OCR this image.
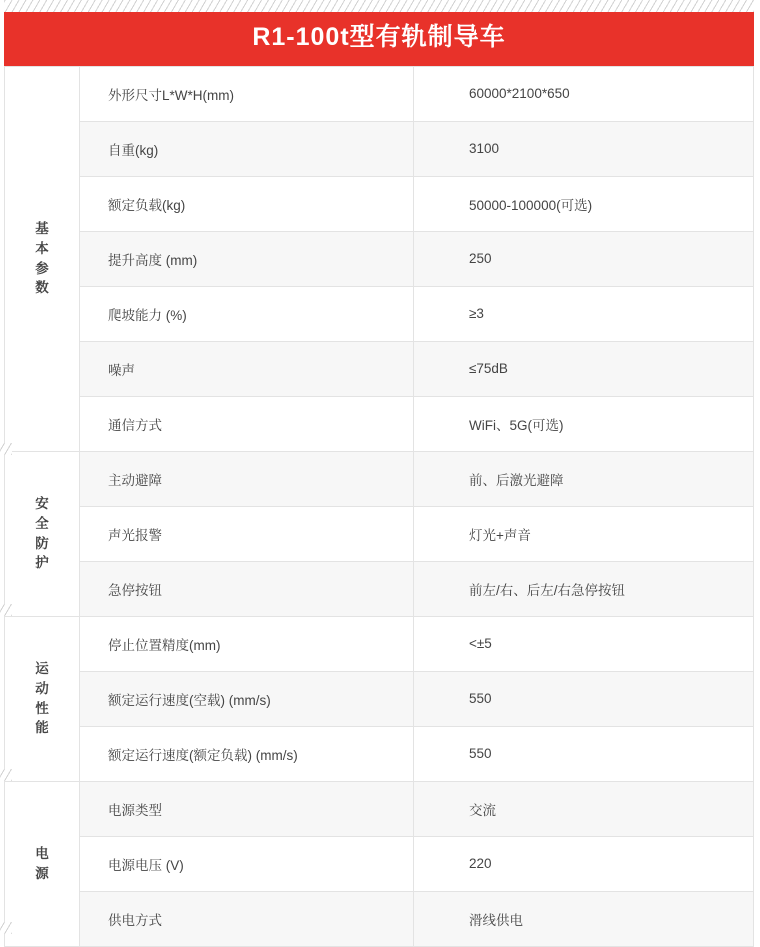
R1-100t型有轨制导车
基本参数	外形尺寸L*W*H(mm)	60000*2100*650
	自重(kg)	3100
	额定负载(kg)	50000-100000(可选)
	提升高度 (mm)	250
	爬坡能力 (%)	≥3
	噪声	≤75dB
	通信方式	WiFi、5G(可选)

安全防护	主动避障	前、后激光避障
	声光报警	灯光+声音
	急停按钮	前左/右、后左/右急停按钮

运动性能	停止位置精度(mm)	<±5
	额定运行速度(空载) (mm/s)	550
	额定运行速度(额定负载) (mm/s)	550

电源	电源类型	交流
	电源电压 (V)	220
	供电方式	滑线供电
